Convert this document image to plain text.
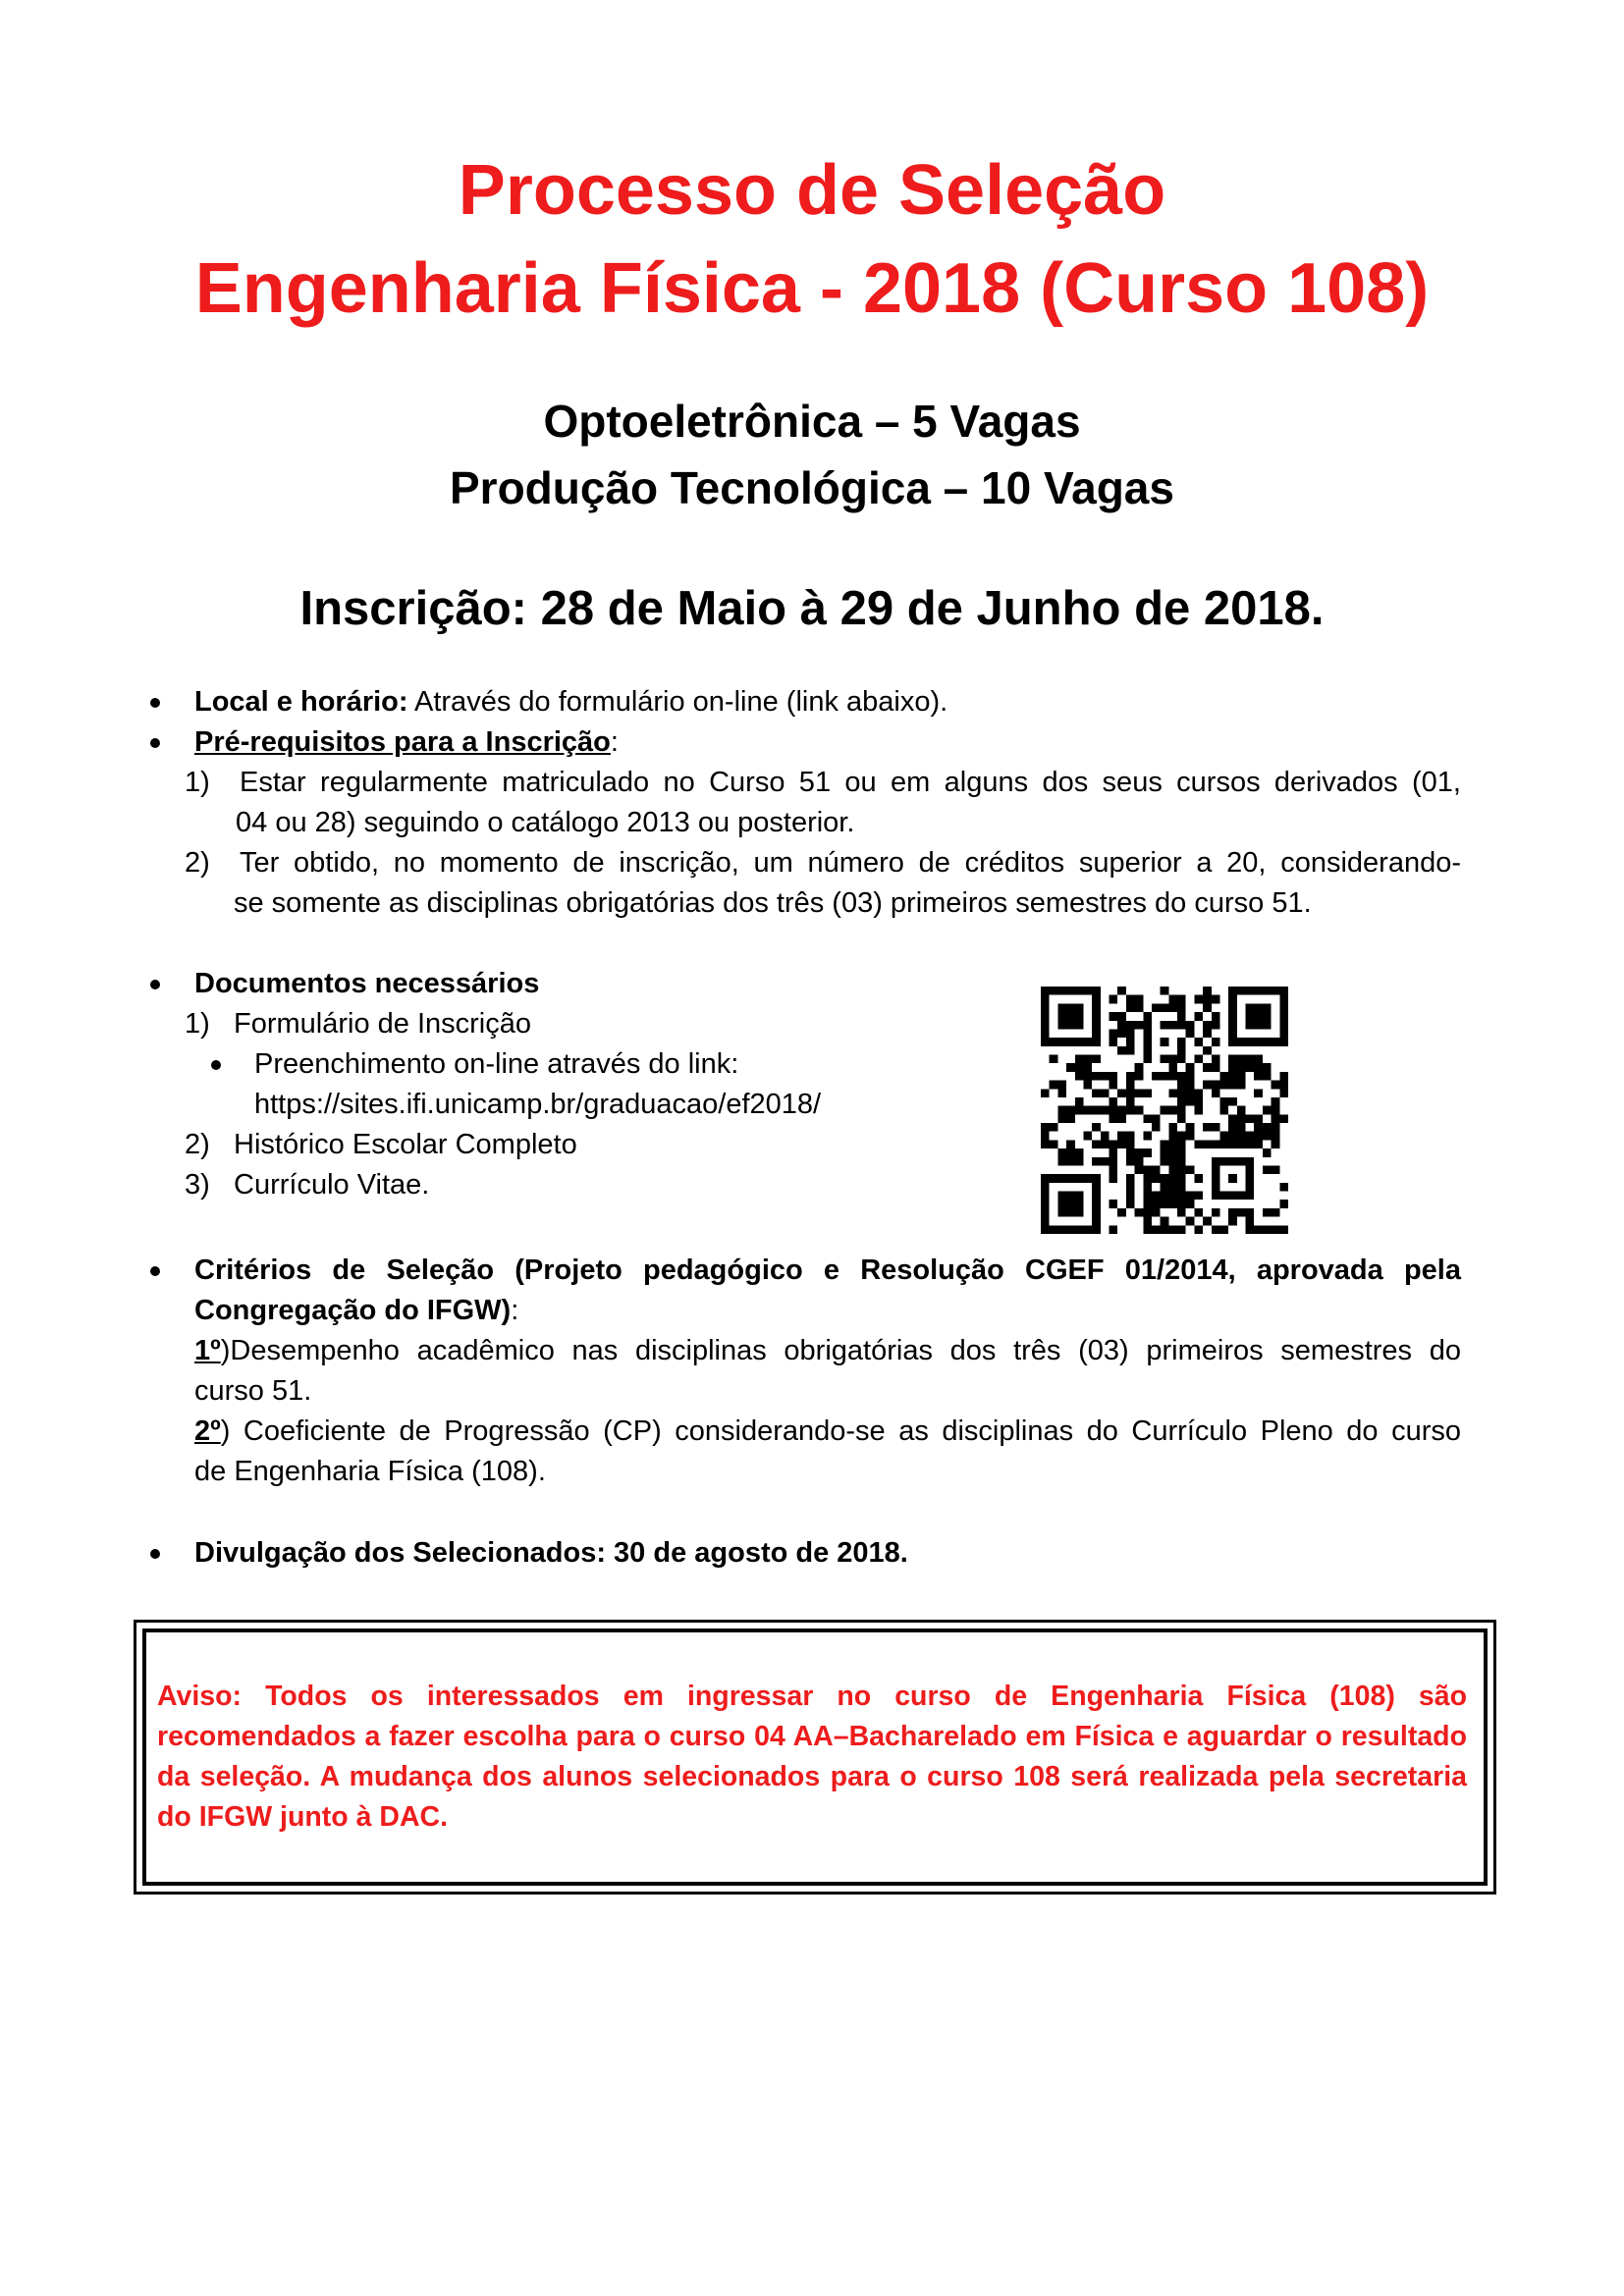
Processo de Seleção
Engenharia Física - 2018 (Curso 108)
Optoeletrônica – 5 Vagas
Produção Tecnológica – 10 Vagas
Inscrição: 28 de Maio à 29 de Junho de 2018.
Local e horário: Através do formulário on-line (link abaixo).
Pré-requisitos para a Inscrição:
1) Estar regularmente matriculado no Curso 51 ou em alguns dos seus cursos derivados (01,
04 ou 28) seguindo o catálogo 2013 ou posterior.
2) Ter obtido, no momento de inscrição, um número de créditos superior a 20, considerando-
se somente as disciplinas obrigatórias dos três (03) primeiros semestres do curso 51.
Documentos necessários
1) Formulário de Inscrição
Preenchimento on-line através do link:
https://sites.ifi.unicamp.br/graduacao/ef2018/
2) Histórico Escolar Completo
3) Currículo Vitae.
Critérios de Seleção (Projeto pedagógico e Resolução CGEF 01/2014, aprovada pela
Congregação do IFGW):
1º)Desempenho acadêmico nas disciplinas obrigatórias dos três (03) primeiros semestres do
curso 51.
2º) Coeficiente de Progressão (CP) considerando-se as disciplinas do Currículo Pleno do curso
de Engenharia Física (108).
Divulgação dos Selecionados: 30 de agosto de 2018.
Aviso: Todos os interessados em ingressar no curso de Engenharia Física (108) são recomendados a fazer escolha para o curso 04 AA–Bacharelado em Física e aguardar o resultado da seleção. A mudança dos alunos selecionados para o curso 108 será realizada pela secretaria do IFGW junto à DAC.
